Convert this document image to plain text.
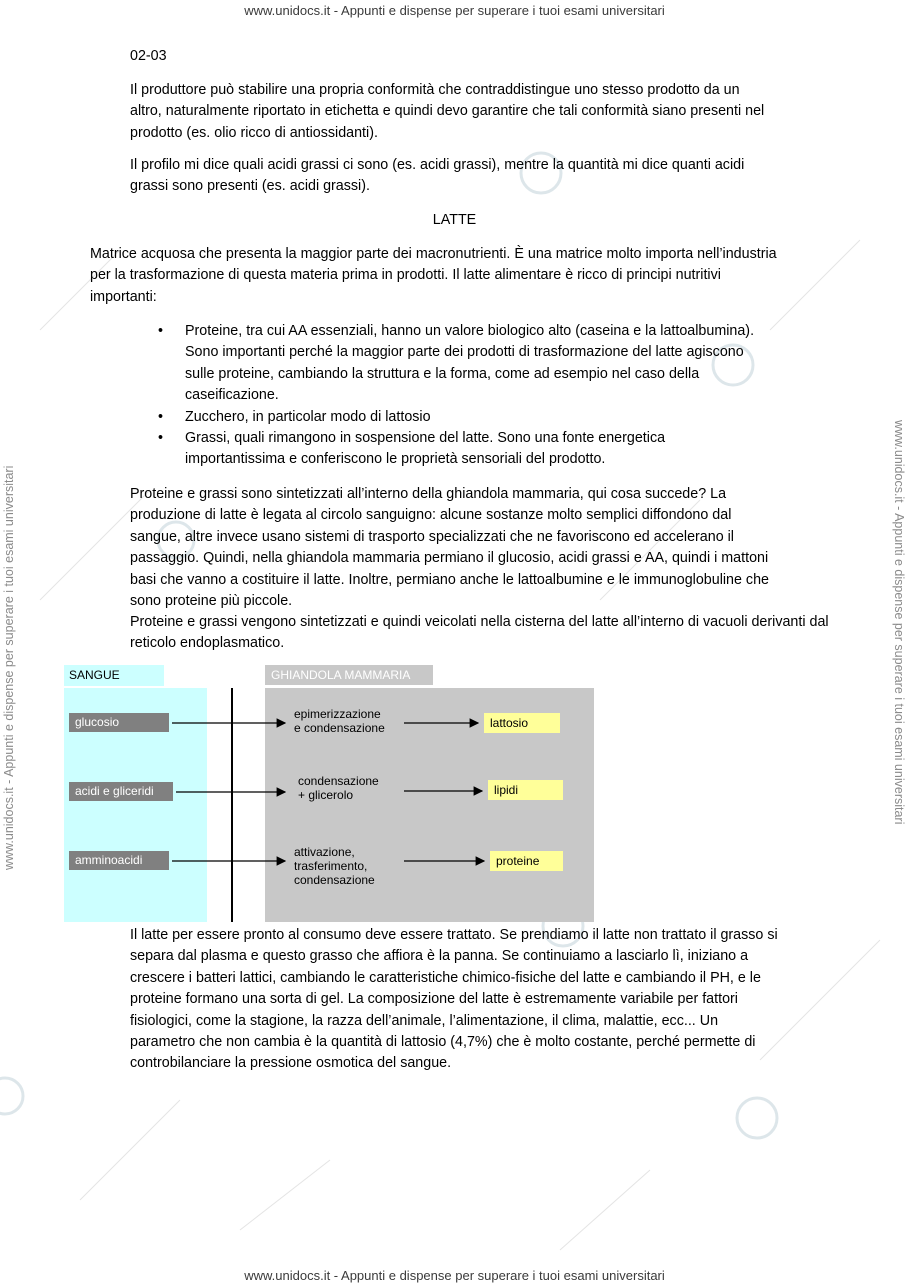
www.unidocs.it - Appunti e dispense per superare i tuoi esami universitari
www.unidocs.it - Appunti e dispense per superare i tuoi esami universitari
www.unidocs.it - Appunti e dispense per superare i tuoi esami universitari	www.unidocs.it - Appunti e dispense per superare i tuoi esami universitari
02-03
Il produttore può stabilire una propria conformità che contraddistingue uno stesso prodotto da un altro, naturalmente riportato in etichetta e quindi devo garantire che tali conformità siano presenti nel prodotto (es. olio ricco di antiossidanti).
Il profilo mi dice quali acidi grassi ci sono (es. acidi grassi), mentre la quantità mi dice quanti acidi grassi sono presenti (es. acidi grassi).
LATTE
Matrice acquosa che presenta la maggior parte dei macronutrienti. È una matrice molto importa nell’industria per la trasformazione di questa materia prima in prodotti. Il latte alimentare è ricco di principi nutritivi importanti:
• Proteine, tra cui AA essenziali, hanno un valore biologico alto (caseina e la lattoalbumina). Sono importanti perché la maggior parte dei prodotti di trasformazione del latte agiscono sulle proteine, cambiando la struttura e la forma, come ad esempio nel caso della caseificazione.
• Zucchero, in particolar modo di lattosio
• Grassi, quali rimangono in sospensione del latte. Sono una fonte energetica importantissima e conferiscono le proprietà sensoriali del prodotto.
Proteine e grassi sono sintetizzati all’interno della ghiandola mammaria, qui cosa succede? La produzione di latte è legata al circolo sanguigno: alcune sostanze molto semplici diffondono dal sangue, altre invece usano sistemi di trasporto specializzati che ne favoriscono ed accelerano il passaggio. Quindi, nella ghiandola mammaria permiano il glucosio, acidi grassi e AA, quindi i mattoni basi che vanno a costituire il latte. Inoltre, permiano anche le lattoalbumine e le immunoglobuline che sono proteine più piccole.
Proteine e grassi vengono sintetizzati e quindi veicolati nella cisterna del latte all’interno di vacuoli derivanti dal reticolo endoplasmatico.
SANGUE	GHIANDOLA MAMMARIA
glucosio
acidi e gliceridi
amminoacidi
epimerizzazione
e condensazione
condensazione
+ glicerolo
attivazione,
trasferimento,
condensazione
lattosio
lipidi
proteine
Il latte per essere pronto al consumo deve essere trattato. Se prendiamo il latte non trattato il grasso si separa dal plasma e questo grasso che affiora è la panna. Se continuiamo a lasciarlo lì, iniziano a crescere i batteri lattici, cambiando le caratteristiche chimico-fisiche del latte e cambiando il PH, e le proteine formano una sorta di gel. La composizione del latte è estremamente variabile per fattori fisiologici, come la stagione, la razza dell’animale, l’alimentazione, il clima, malattie, ecc... Un parametro che non cambia è la quantità di lattosio (4,7%) che è molto costante, perché permette di controbilanciare la pressione osmotica del sangue.
